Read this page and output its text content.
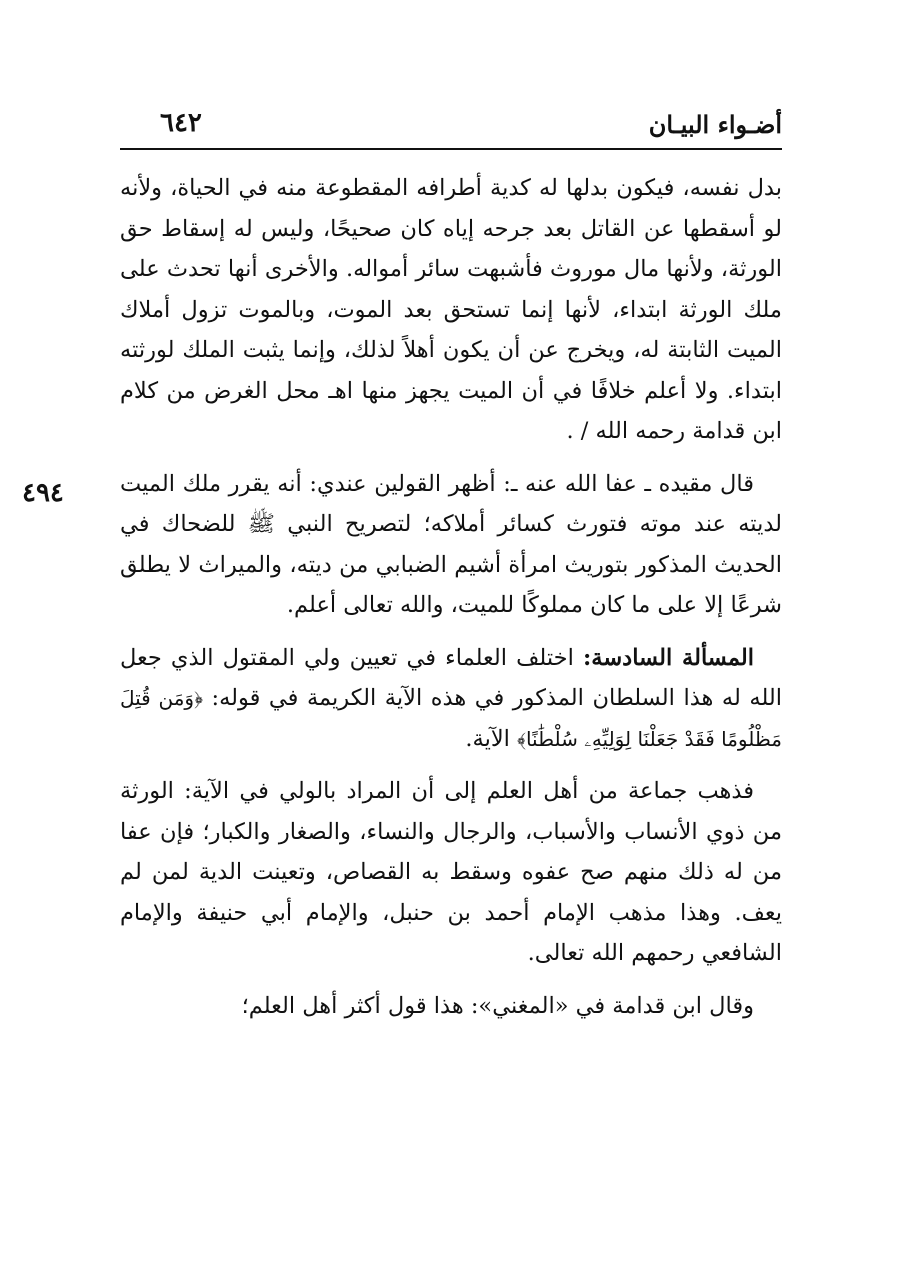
أضـواء البيـان
٦٤٢
٤٩٤

بدل نفسه، فيكون بدلها له كدية أطرافه المقطوعة منه في الحياة، ولأنه لو أسقطها عن القاتل بعد جرحه إياه كان صحيحًا، وليس له إسقاط حق الورثة، ولأنها مال موروث فأشبهت سائر أمواله. والأخرى أنها تحدث على ملك الورثة ابتداء، لأنها إنما تستحق بعد الموت، وبالموت تزول أملاك الميت الثابتة له، ويخرج عن أن يكون أهلاً لذلك، وإنما يثبت الملك لورثته ابتداء. ولا أعلم خلافًا في أن الميت يجهز منها اهـ محل الغرض من كلام ابن قدامة رحمه الله / .

قال مقيده ـ عفا الله عنه ـ: أظهر القولين عندي: أنه يقرر ملك الميت لديته عند موته فتورث كسائر أملاكه؛ لتصريح النبي ﷺ للضحاك في الحديث المذكور بتوريث امرأة أشيم الضبابي من ديته، والميراث لا يطلق شرعًا إلا على ما كان مملوكًا للميت، والله تعالى أعلم.

المسألة السادسة: اختلف العلماء في تعيين ولي المقتول الذي جعل الله له هذا السلطان المذكور في هذه الآية الكريمة في قوله: ﴿وَمَن قُتِلَ مَظْلُومًا فَقَدْ جَعَلْنَا لِوَلِيِّهِۦ سُلْطَٰنًا﴾ الآية.

فذهب جماعة من أهل العلم إلى أن المراد بالولي في الآية: الورثة من ذوي الأنساب والأسباب، والرجال والنساء، والصغار والكبار؛ فإن عفا من له ذلك منهم صح عفوه وسقط به القصاص، وتعينت الدية لمن لم يعف. وهذا مذهب الإمام أحمد بن حنبل، والإمام أبي حنيفة والإمام الشافعي رحمهم الله تعالى.

وقال ابن قدامة في «المغني»: هذا قول أكثر أهل العلم؛
